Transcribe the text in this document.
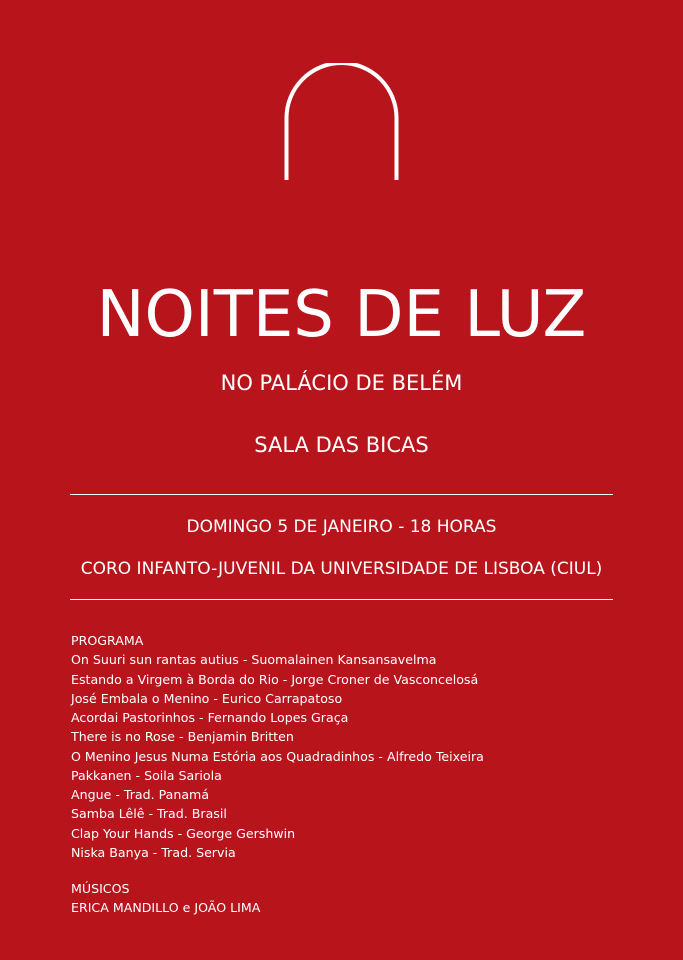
NOITES DE LUZ
NO PALÁCIO DE BELÉM
SALA DAS BICAS
DOMINGO 5 DE JANEIRO - 18 HORAS
CORO INFANTO-JUVENIL DA UNIVERSIDADE DE LISBOA (CIUL)
PROGRAMA
On Suuri sun rantas autius - Suomalainen Kansansavelma
Estando a Virgem à Borda do Rio - Jorge Croner de Vasconcelosá
José Embala o Menino - Eurico Carrapatoso
Acordai Pastorinhos - Fernando Lopes Graça
There is no Rose - Benjamin Britten
O Menino Jesus Numa Estória aos Quadradinhos - Alfredo Teixeira
Pakkanen - Soila Sariola
Angue - Trad. Panamá
Samba Lêlê - Trad. Brasil
Clap Your Hands - George Gershwin
Niska Banya - Trad. Servia
MÚSICOS
ERICA MANDILLO e JOÃO LIMA
